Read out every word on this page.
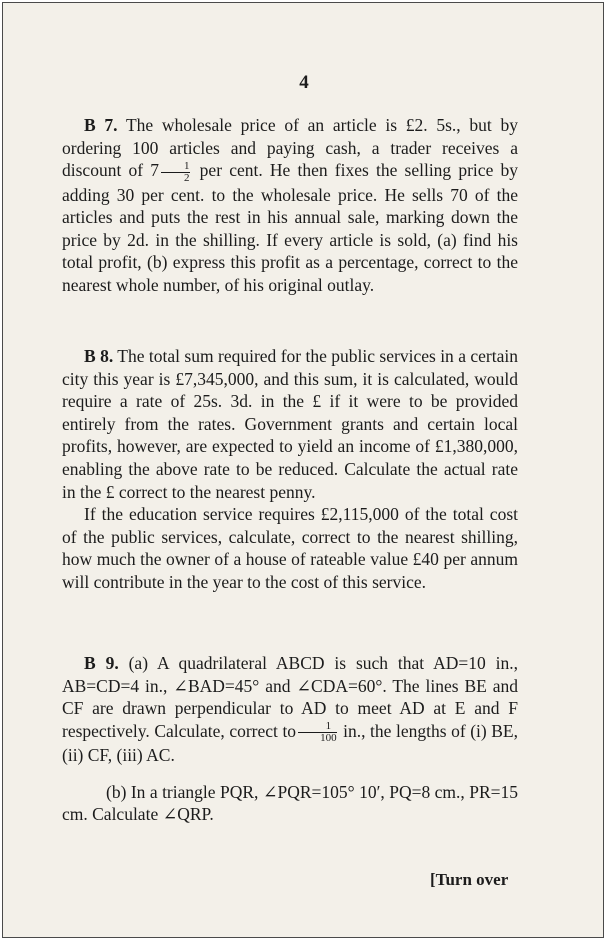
4

B 7. The wholesale price of an article is £2. 5s., but by ordering 100 articles and paying cash, a trader receives a discount of $7 \frac{1}{2}$ per cent. He then fixes the selling price by adding 30 per cent. to the wholesale price. He sells 70 of the articles and puts the rest in his annual sale, marking down the price by 2d. in the shilling. If every article is sold, (a) find his total profit, (b) express this profit as a percentage, correct to the nearest whole number, of his original outlay.

B 8. The total sum required for the public services in a certain city this year is £7,345,000, and this sum, it is calculated, would require a rate of 25s. 3d. in the £ if it were to be provided entirely from the rates. Government grants and certain local profits, however, are expected to yield an income of £1,380,000, enabling the above rate to be reduced. Calculate the actual rate in the £ correct to the nearest penny.

If the education service requires £2,115,000 of the total cost of the public services, calculate, correct to the nearest shilling, how much the owner of a house of rateable value £40 per annum will contribute in the year to the cost of this service.

B 9. (a) A quadrilateral ABCD is such that AD=10 in., AB=CD=4 in., ∠BAD=45° and ∠CDA=60°. The lines BE and CF are drawn perpendicular to AD to meet AD at E and F respectively. Calculate, correct to $\frac{1}{100}$ in., the lengths of (i) BE, (ii) CF, (iii) AC.

(b) In a triangle PQR, ∠PQR=105° 10′, PQ=8 cm., PR=15 cm. Calculate ∠QRP.

[Turn over
